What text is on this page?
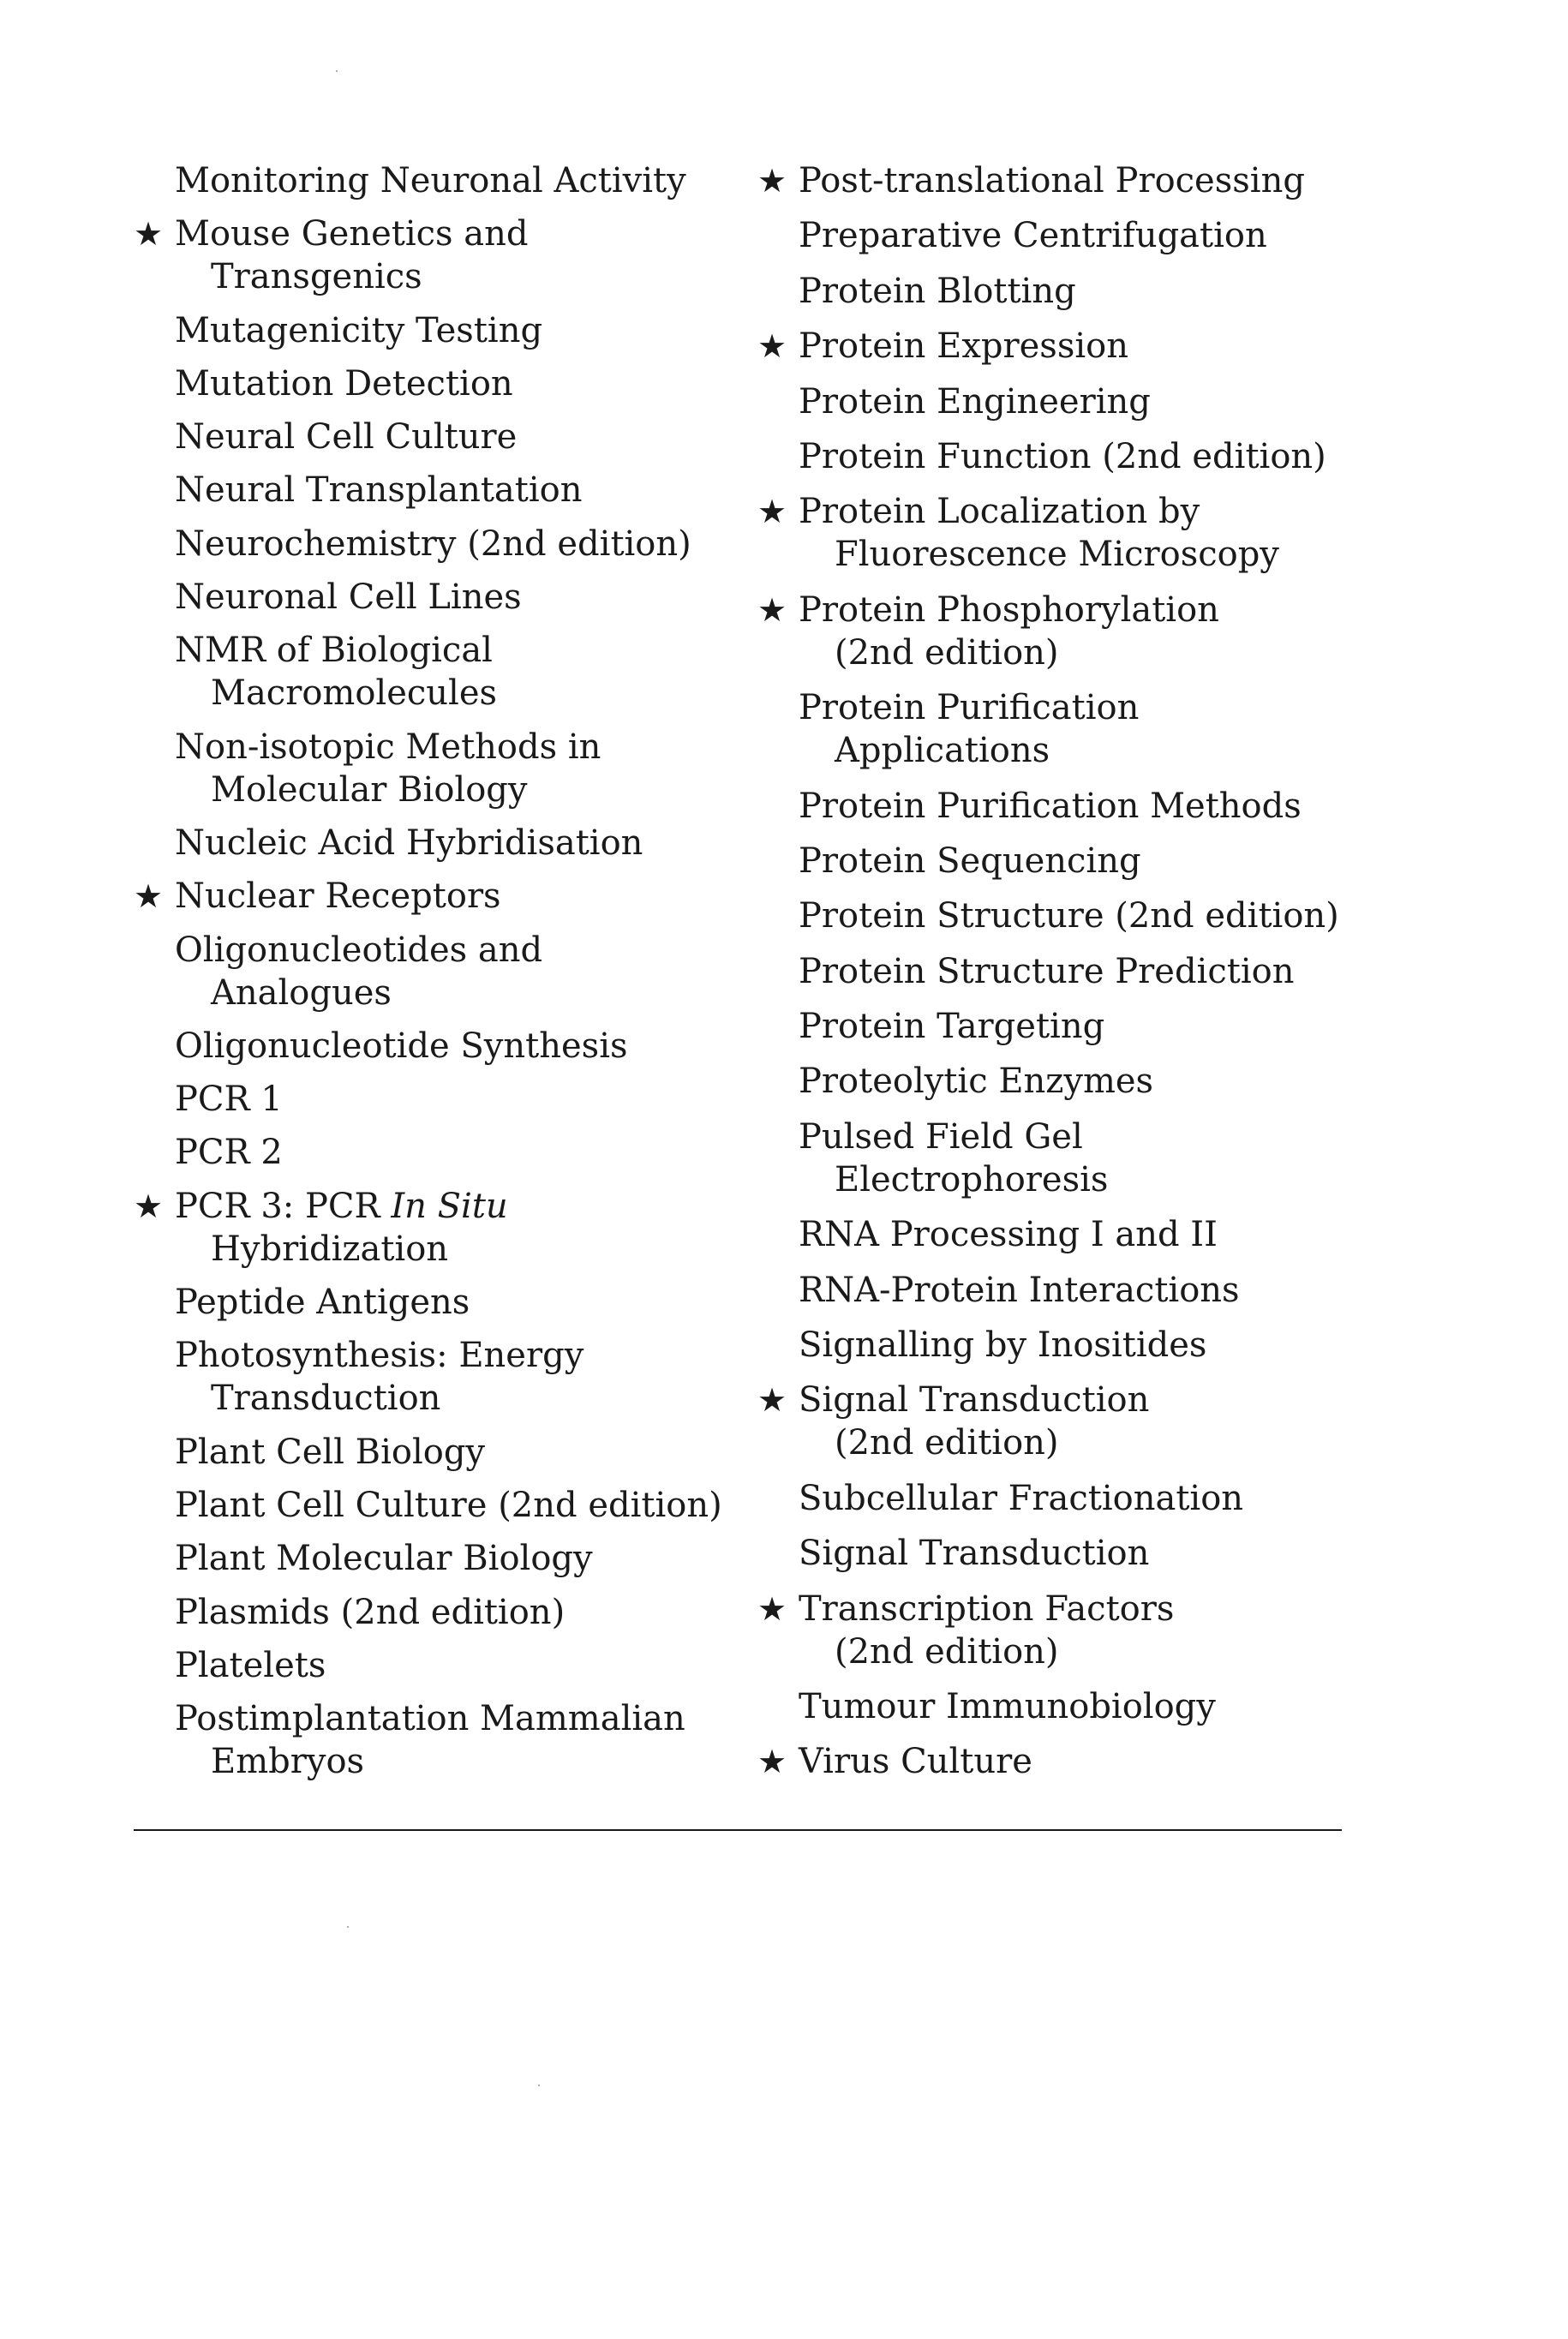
Monitoring Neuronal Activity
★ Mouse Genetics and
Transgenics
Mutagenicity Testing
Mutation Detection
Neural Cell Culture
Neural Transplantation
Neurochemistry (2nd edition)
Neuronal Cell Lines
NMR of Biological
Macromolecules
Non-isotopic Methods in
Molecular Biology
Nucleic Acid Hybridisation
★ Nuclear Receptors
Oligonucleotides and
Analogues
Oligonucleotide Synthesis
PCR 1
PCR 2
★ PCR 3: PCR In Situ
Hybridization
Peptide Antigens
Photosynthesis: Energy
Transduction
Plant Cell Biology
Plant Cell Culture (2nd edition)
Plant Molecular Biology
Plasmids (2nd edition)
Platelets
Postimplantation Mammalian
Embryos
★ Post-translational Processing
Preparative Centrifugation
Protein Blotting
★ Protein Expression
Protein Engineering
Protein Function (2nd edition)
★ Protein Localization by
Fluorescence Microscopy
★ Protein Phosphorylation
(2nd edition)
Protein Purification
Applications
Protein Purification Methods
Protein Sequencing
Protein Structure (2nd edition)
Protein Structure Prediction
Protein Targeting
Proteolytic Enzymes
Pulsed Field Gel
Electrophoresis
RNA Processing I and II
RNA-Protein Interactions
Signalling by Inositides
★ Signal Transduction
(2nd edition)
Subcellular Fractionation
Signal Transduction
★ Transcription Factors
(2nd edition)
Tumour Immunobiology
★ Virus Culture
